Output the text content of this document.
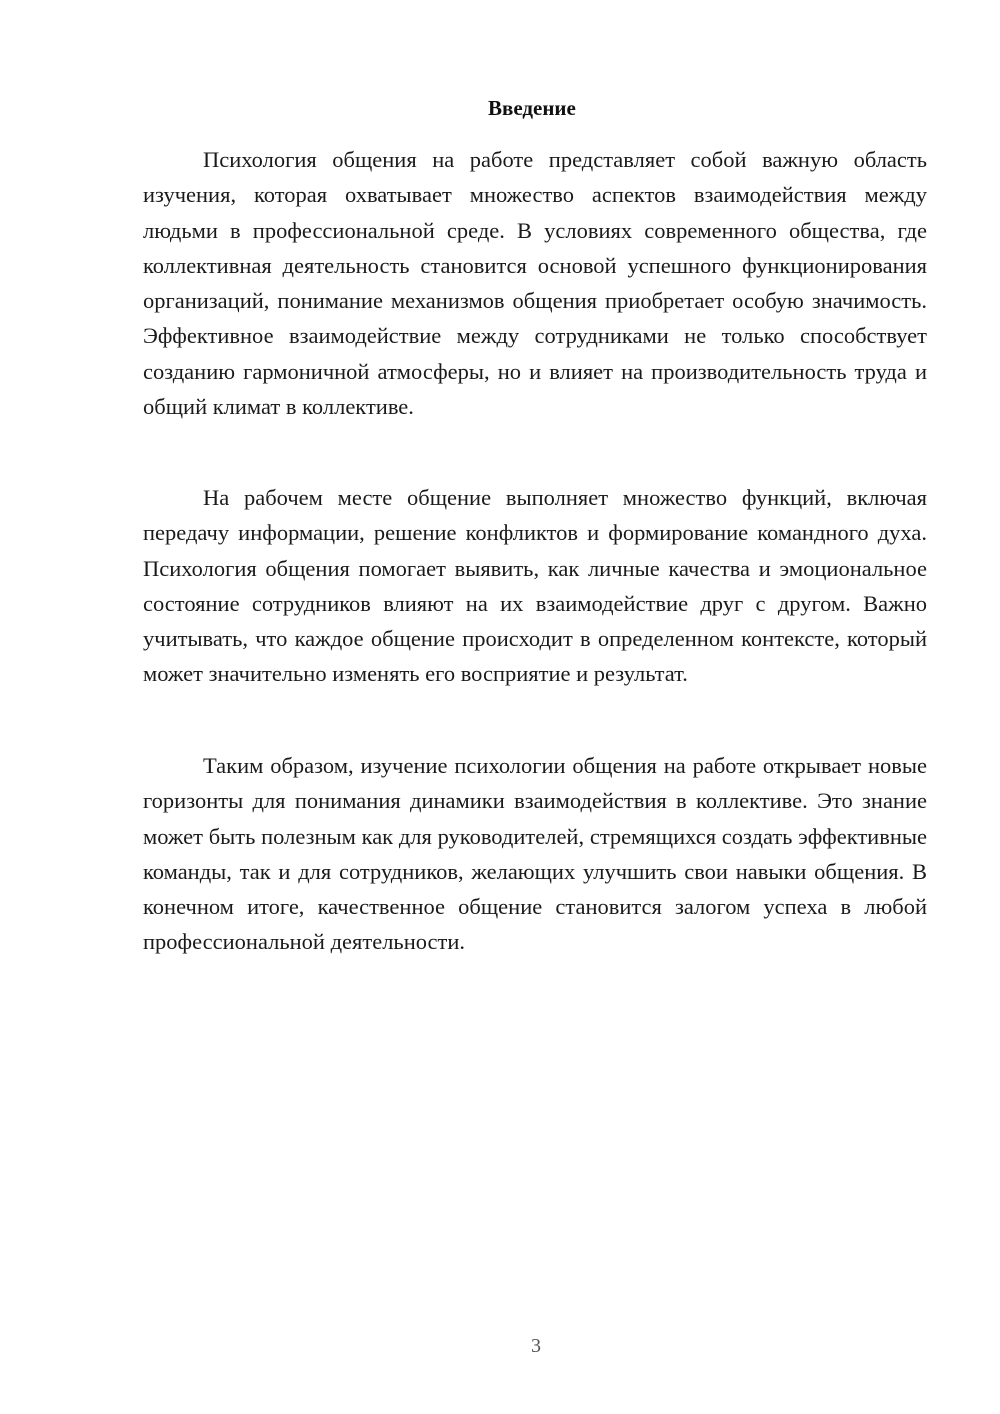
Введение

Психология общения на работе представляет собой важную область изучения, которая охватывает множество аспектов взаимодействия между людьми в профессиональной среде. В условиях современного общества, где коллективная деятельность становится основой успешного функционирования организаций, понимание механизмов общения приобретает особую значимость. Эффективное взаимодействие между сотрудниками не только способствует созданию гармоничной атмосферы, но и влияет на производительность труда и общий климат в коллективе.

На рабочем месте общение выполняет множество функций, включая передачу информации, решение конфликтов и формирование командного духа. Психология общения помогает выявить, как личные качества и эмоциональное состояние сотрудников влияют на их взаимодействие друг с другом. Важно учитывать, что каждое общение происходит в определенном контексте, который может значительно изменять его восприятие и результат.

Таким образом, изучение психологии общения на работе открывает новые горизонты для понимания динамики взаимодействия в коллективе. Это знание может быть полезным как для руководителей, стремящихся создать эффективные команды, так и для сотрудников, желающих улучшить свои навыки общения. В конечном итоге, качественное общение становится залогом успеха в любой профессиональной деятельности.

3
